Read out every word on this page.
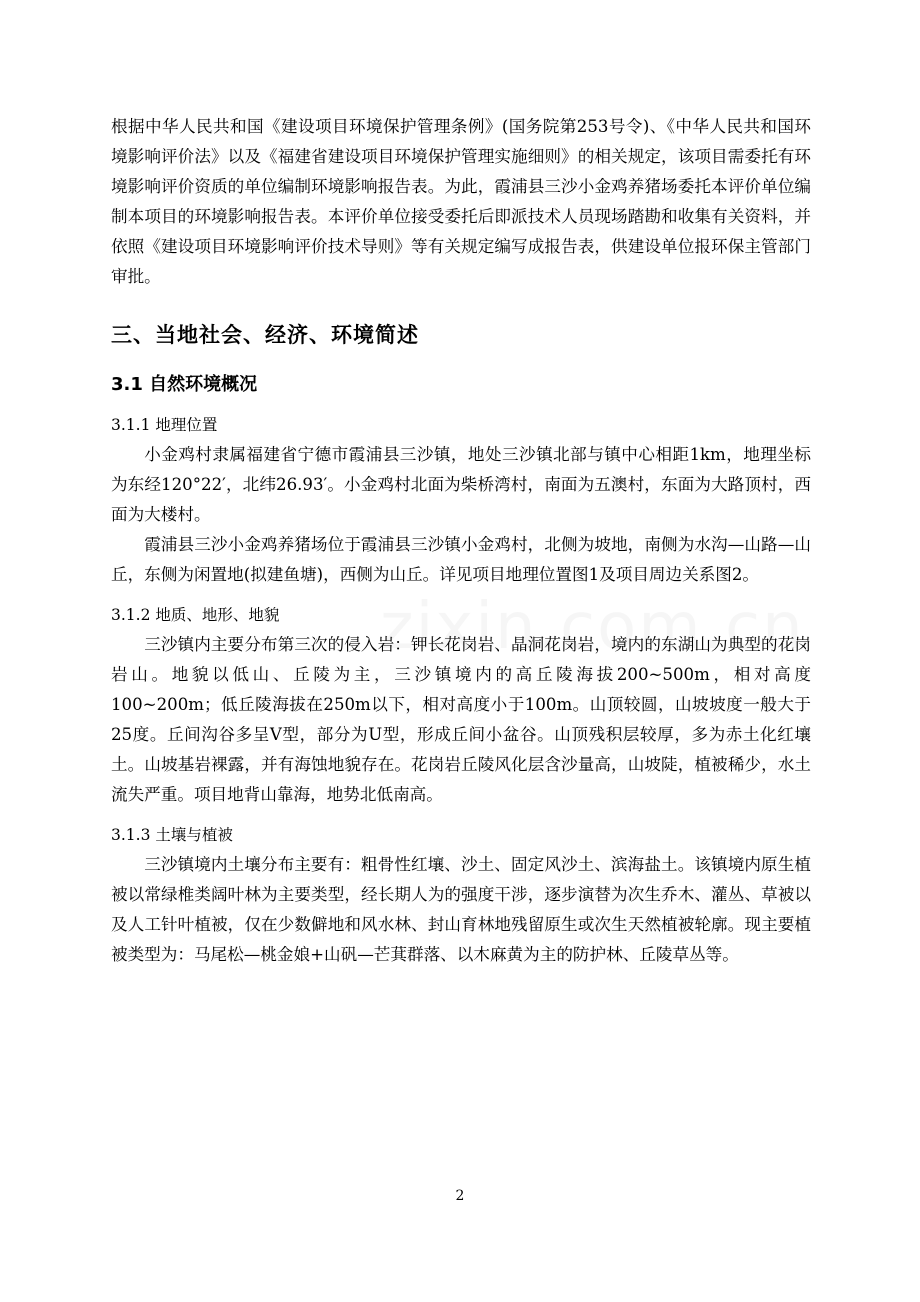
根据中华人民共和国《建设项目环境保护管理条例》(国务院第253号令)、《中华人民共和国环境影响评价法》以及《福建省建设项目环境保护管理实施细则》的相关规定，该项目需委托有环境影响评价资质的单位编制环境影响报告表。为此，霞浦县三沙小金鸡养猪场委托本评价单位编制本项目的环境影响报告表。本评价单位接受委托后即派技术人员现场踏勘和收集有关资料，并依照《建设项目环境影响评价技术导则》等有关规定编写成报告表，供建设单位报环保主管部门审批。

三、当地社会、经济、环境简述
3.1 自然环境概况
3.1.1 地理位置

小金鸡村隶属福建省宁德市霞浦县三沙镇，地处三沙镇北部与镇中心相距1km，地理坐标为东经120°22′，北纬26.93′。小金鸡村北面为柴桥湾村，南面为五澳村，东面为大路顶村，西面为大楼村。

霞浦县三沙小金鸡养猪场位于霞浦县三沙镇小金鸡村，北侧为坡地，南侧为水沟—山路—山丘，东侧为闲置地(拟建鱼塘)，西侧为山丘。详见项目地理位置图1及项目周边关系图2。

3.1.2 地质、地形、地貌

三沙镇内主要分布第三次的侵入岩：钾长花岗岩、晶洞花岗岩，境内的东湖山为典型的花岗岩山。地貌以低山、丘陵为主，三沙镇境内的高丘陵海拔200~500m，相对高度100~200m；低丘陵海拔在250m以下，相对高度小于100m。山顶较圆，山坡坡度一般大于25度。丘间沟谷多呈V型，部分为U型，形成丘间小盆谷。山顶残积层较厚，多为赤土化红壤土。山坡基岩裸露，并有海蚀地貌存在。花岗岩丘陵风化层含沙量高，山坡陡，植被稀少，水土流失严重。项目地背山靠海，地势北低南高。

3.1.3 土壤与植被

三沙镇境内土壤分布主要有：粗骨性红壤、沙土、固定风沙土、滨海盐土。该镇境内原生植被以常绿椎类阔叶林为主要类型，经长期人为的强度干涉，逐步演替为次生乔木、灌丛、草被以及人工针叶植被，仅在少数僻地和风水林、封山育林地残留原生或次生天然植被轮廓。现主要植被类型为：马尾松—桃金娘+山矾—芒萁群落、以木麻黄为主的防护林、丘陵草丛等。

2
